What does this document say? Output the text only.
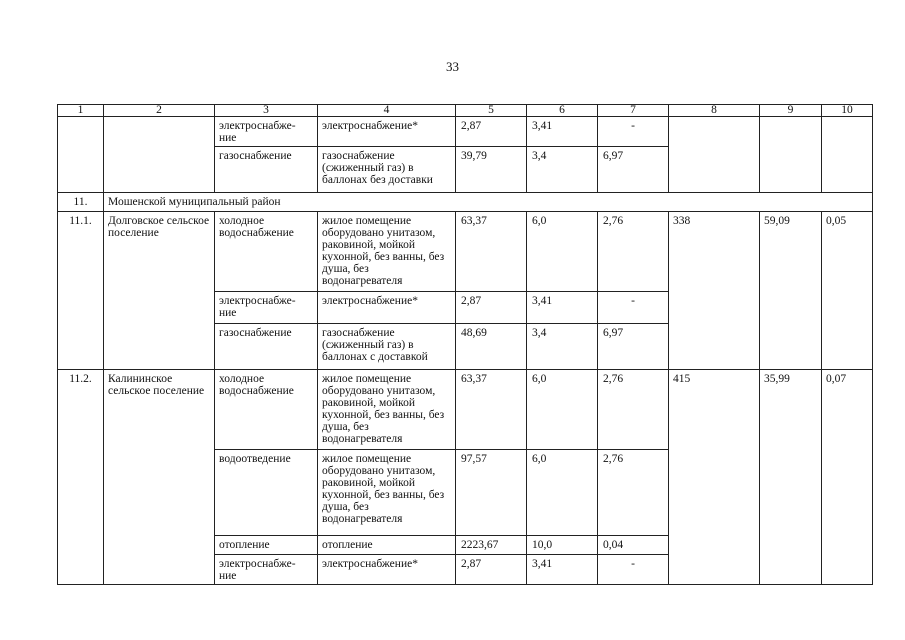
33
1	2	3	4	5	6	7	8	9	10
		электроснабже-ние	электроснабжение*	2,87	3,41	-			
		газоснабжение	газоснабжение (сжиженный газ) в баллонах без доставки	39,79	3,4	6,97			
11.	Мошенской муниципальный район								
11.1.	Долговское сельское поселение	холодное водоснабжение	жилое помещение оборудовано унитазом, раковиной, мойкой кухонной, без ванны, без душа, без водонагревателя	63,37	6,0	2,76	338	59,09	0,05
		электроснабже-ние	электроснабжение*	2,87	3,41	-			
		газоснабжение	газоснабжение (сжиженный газ) в баллонах с доставкой	48,69	3,4	6,97			
11.2.	Калининское сельское поселение	холодное водоснабжение	жилое помещение оборудовано унитазом, раковиной, мойкой кухонной, без ванны, без душа, без водонагревателя	63,37	6,0	2,76	415	35,99	0,07
		водоотведение	жилое помещение оборудовано унитазом, раковиной, мойкой кухонной, без ванны, без душа, без водонагревателя	97,57	6,0	2,76			
		отопление	отопление	2223,67	10,0	0,04			
		электроснабже-ние	электроснабжение*	2,87	3,41	-			
